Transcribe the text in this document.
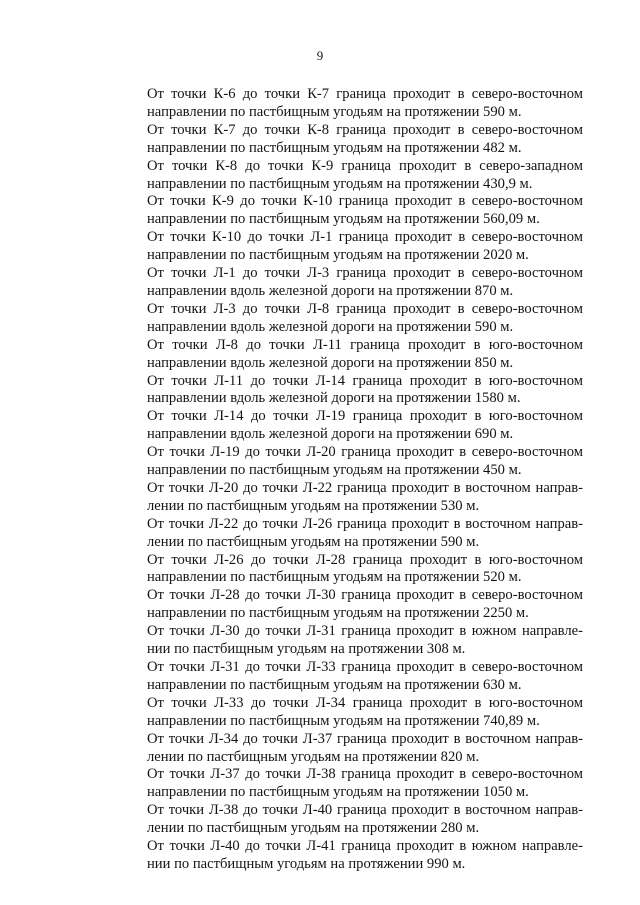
9

От точки К-6 до точки К-7 граница проходит в северо-восточном
направлении по пастбищным угодьям на протяжении 590 м.

От точки К-7 до точки К-8 граница проходит в северо-восточном
направлении по пастбищным угодьям на протяжении 482 м.

От точки К-8 до точки К-9 граница проходит в северо-западном
направлении по пастбищным угодьям на протяжении 430,9 м.

От точки К-9 до точки К-10 граница проходит в северо-восточном
направлении по пастбищным угодьям на протяжении 560,09 м.

От точки К-10 до точки Л-1 граница проходит в северо-восточном
направлении по пастбищным угодьям на протяжении 2020 м.

От точки Л-1 до точки Л-3 граница проходит в северо-восточном
направлении вдоль железной дороги на протяжении 870 м.

От точки Л-3 до точки Л-8 граница проходит в северо-восточном
направлении вдоль железной дороги на протяжении 590 м.

От точки Л-8 до точки Л-11 граница проходит в юго-восточном
направлении вдоль железной дороги на протяжении 850 м.

От точки Л-11 до точки Л-14 граница проходит в юго-восточном
направлении вдоль железной дороги на протяжении 1580 м.

От точки Л-14 до точки Л-19 граница проходит в юго-восточном
направлении вдоль железной дороги на протяжении 690 м.

От точки Л-19 до точки Л-20 граница проходит в северо-восточном
направлении по пастбищным угодьям на протяжении 450 м.

От точки Л-20 до точки Л-22 граница проходит в восточном направ-
лении по пастбищным угодьям на протяжении 530 м.

От точки Л-22 до точки Л-26 граница проходит в восточном направ-
лении по пастбищным угодьям на протяжении 590 м.

От точки Л-26 до точки Л-28 граница проходит в юго-восточном
направлении по пастбищным угодьям на протяжении 520 м.

От точки Л-28 до точки Л-30 граница проходит в северо-восточном
направлении по пастбищным угодьям на протяжении 2250 м.

От точки Л-30 до точки Л-31 граница проходит в южном направле-
нии по пастбищным угодьям на протяжении 308 м.

От точки Л-31 до точки Л-33 граница проходит в северо-восточном
направлении по пастбищным угодьям на протяжении 630 м.

От точки Л-33 до точки Л-34 граница проходит в юго-восточном
направлении по пастбищным угодьям на протяжении 740,89 м.

От точки Л-34 до точки Л-37 граница проходит в восточном направ-
лении по пастбищным угодьям на протяжении 820 м.

От точки Л-37 до точки Л-38 граница проходит в северо-восточном
направлении по пастбищным угодьям на протяжении 1050 м.

От точки Л-38 до точки Л-40 граница проходит в восточном направ-
лении по пастбищным угодьям на протяжении 280 м.

От точки Л-40 до точки Л-41 граница проходит в южном направле-
нии по пастбищным угодьям на протяжении 990 м.
